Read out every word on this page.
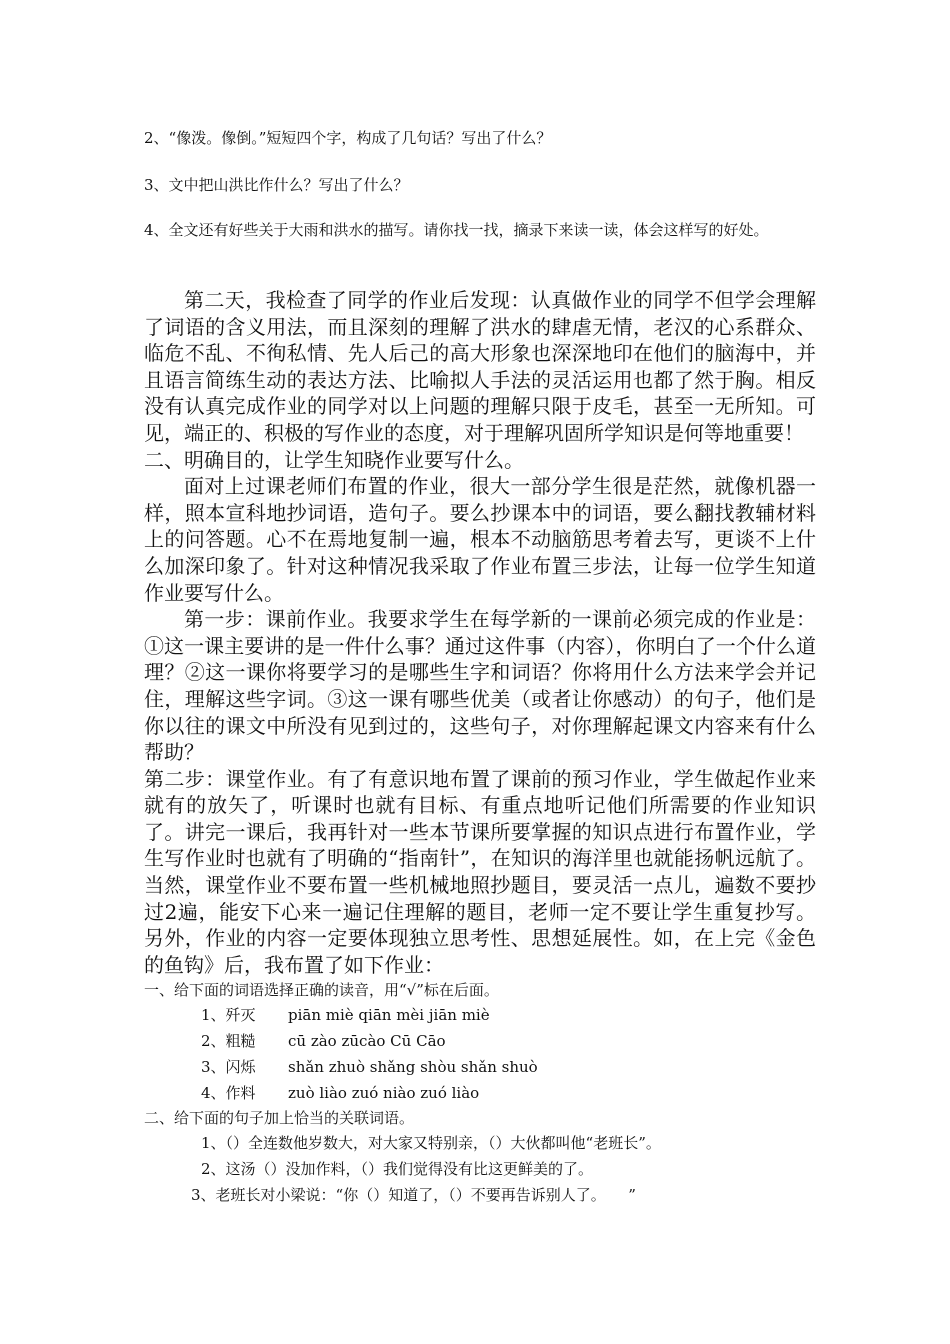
2、“像泼。像倒。”短短四个字，构成了几句话？写出了什么？

3、文中把山洪比作什么？写出了什么？

4、全文还有好些关于大雨和洪水的描写。请你找一找，摘录下来读一读，体会这样写的好处。

第二天，我检查了同学的作业后发现：认真做作业的同学不但学会理解了词语的含义用法，而且深刻的理解了洪水的肆虐无情，老汉的心系群众、临危不乱、不徇私情、先人后己的高大形象也深深地印在他们的脑海中，并且语言简练生动的表达方法、比喻拟人手法的灵活运用也都了然于胸。相反没有认真完成作业的同学对以上问题的理解只限于皮毛，甚至一无所知。可见，端正的、积极的写作业的态度，对于理解巩固所学知识是何等地重要！

二、明确目的，让学生知晓作业要写什么。

面对上过课老师们布置的作业，很大一部分学生很是茫然，就像机器一样，照本宣科地抄词语，造句子。要么抄课本中的词语，要么翻找教辅材料上的问答题。心不在焉地复制一遍，根本不动脑筋思考着去写，更谈不上什么加深印象了。针对这种情况我采取了作业布置三步法，让每一位学生知道作业要写什么。

第一步：课前作业。我要求学生在每学新的一课前必须完成的作业是：①这一课主要讲的是一件什么事？通过这件事（内容），你明白了一个什么道理？②这一课你将要学习的是哪些生字和词语？你将用什么方法来学会并记住，理解这些字词。③这一课有哪些优美（或者让你感动）的句子，他们是你以往的课文中所没有见到过的，这些句子，对你理解起课文内容来有什么帮助？

第二步：课堂作业。有了有意识地布置了课前的预习作业，学生做起作业来就有的放矢了，听课时也就有目标、有重点地听记他们所需要的作业知识了。讲完一课后，我再针对一些本节课所要掌握的知识点进行布置作业，学生写作业时也就有了明确的“指南针”，在知识的海洋里也就能扬帆远航了。当然，课堂作业不要布置一些机械地照抄题目，要灵活一点儿，遍数不要抄过2遍，能安下心来一遍记住理解的题目，老师一定不要让学生重复抄写。另外，作业的内容一定要体现独立思考性、思想延展性。如，在上完《金色的鱼钩》后，我布置了如下作业：

一、给下面的词语选择正确的读音，用“√”标在后面。

1、歼灭	piān miè qiān mèi jiān miè
2、粗糙	cū zào zūcào Cū Cāo
3、闪烁	shǎn zhuò shǎng shòu shǎn shuò
4、作料	zuò liào zuó niào zuó liào

二、给下面的句子加上恰当的关联词语。

1、（）全连数他岁数大，对大家又特别亲，（）大伙都叫他“老班长”。
2、这汤（）没加作料，（）我们觉得没有比这更鲜美的了。
3、老班长对小梁说：“你（）知道了，（）不要再告诉别人了。　　”
